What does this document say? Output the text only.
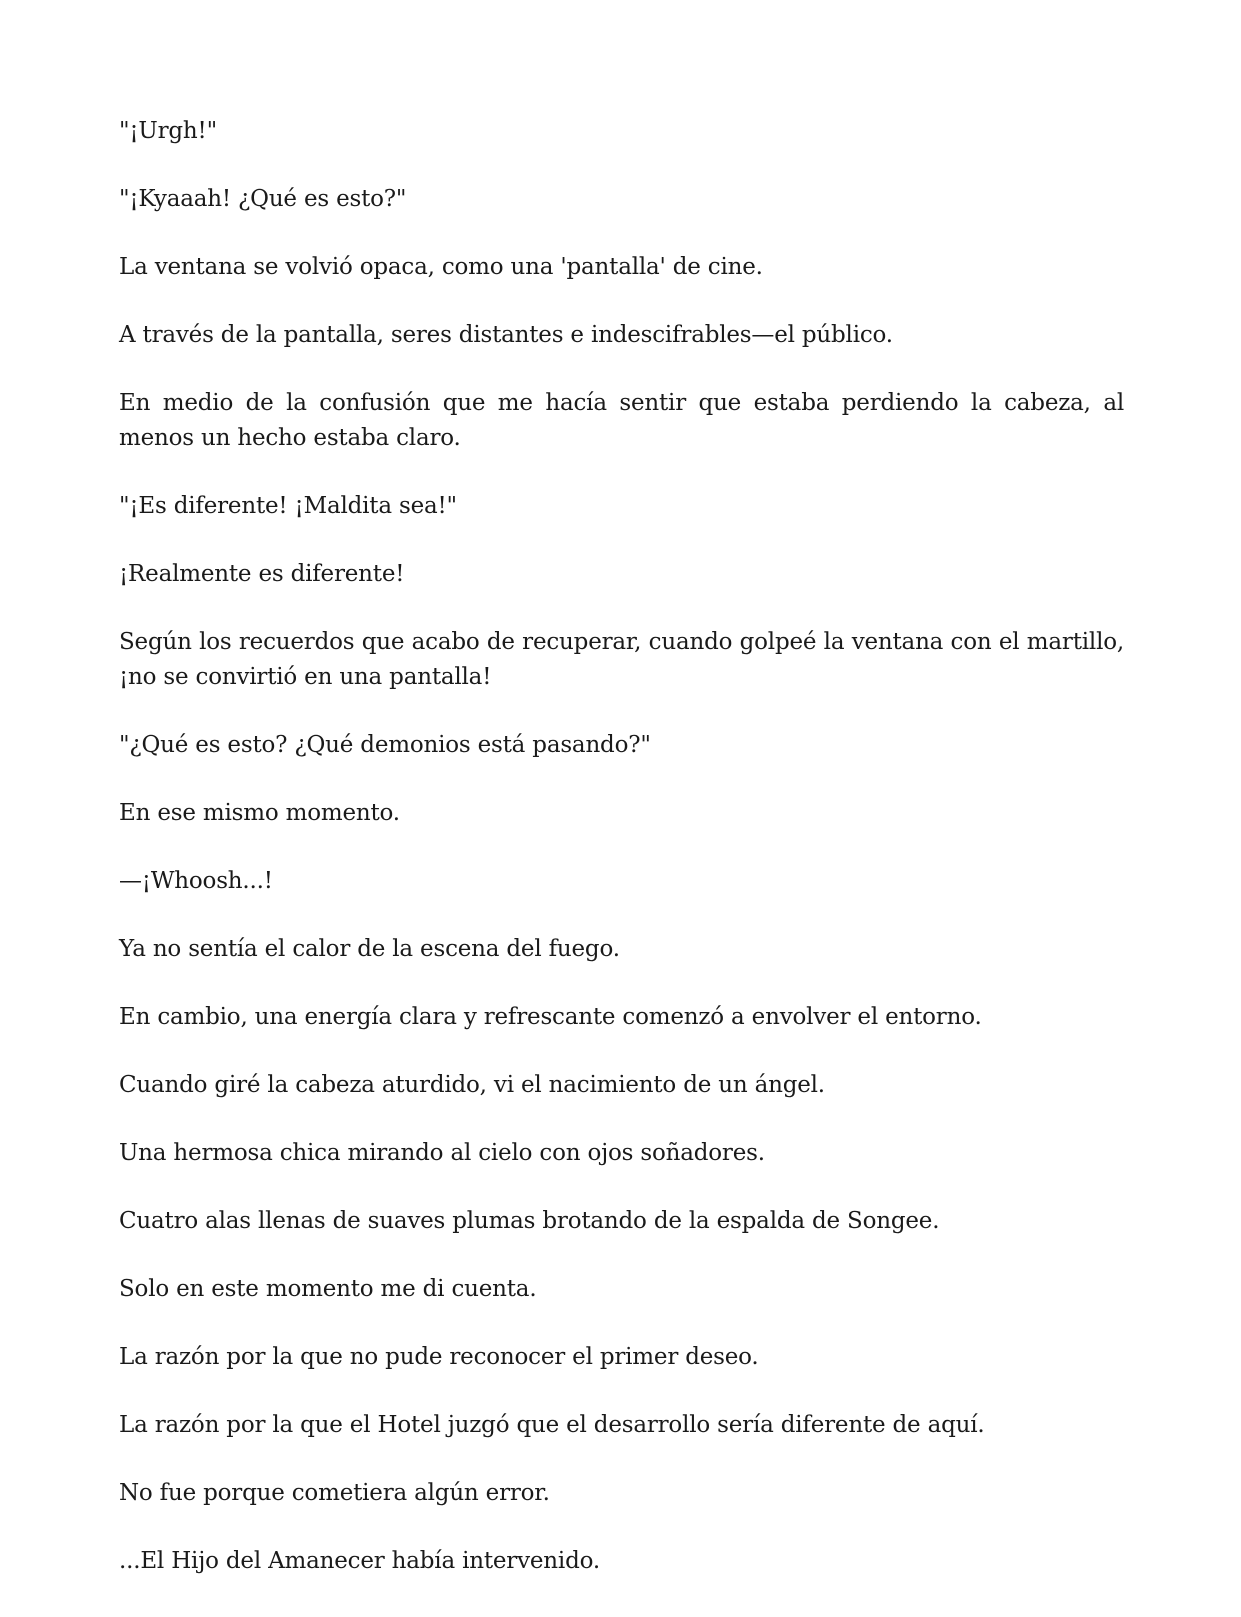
"¡Urgh!"

"¡Kyaaah! ¿Qué es esto?"

La ventana se volvió opaca, como una 'pantalla' de cine.

A través de la pantalla, seres distantes e indescifrables—el público.

En medio de la confusión que me hacía sentir que estaba perdiendo la cabeza, al menos un hecho estaba claro.

"¡Es diferente! ¡Maldita sea!"

¡Realmente es diferente!

Según los recuerdos que acabo de recuperar, cuando golpeé la ventana con el martillo, ¡no se convirtió en una pantalla!

"¿Qué es esto? ¿Qué demonios está pasando?"

En ese mismo momento.

—¡Whoosh...!

Ya no sentía el calor de la escena del fuego.

En cambio, una energía clara y refrescante comenzó a envolver el entorno.

Cuando giré la cabeza aturdido, vi el nacimiento de un ángel.

Una hermosa chica mirando al cielo con ojos soñadores.

Cuatro alas llenas de suaves plumas brotando de la espalda de Songee.

Solo en este momento me di cuenta.

La razón por la que no pude reconocer el primer deseo.

La razón por la que el Hotel juzgó que el desarrollo sería diferente de aquí.

No fue porque cometiera algún error.

...El Hijo del Amanecer había intervenido.
